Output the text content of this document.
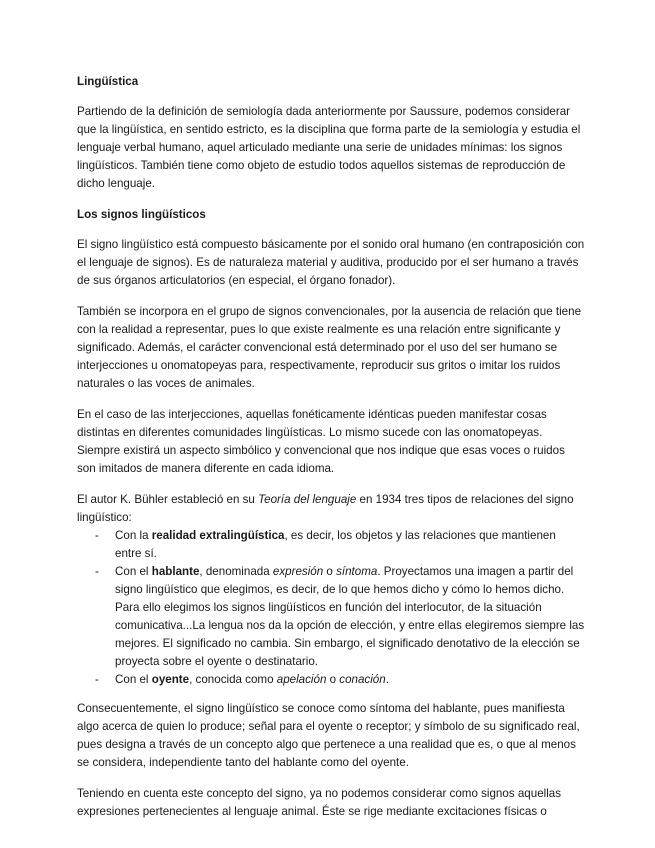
Lingüística

Partiendo de la definición de semiología dada anteriormente por Saussure, podemos considerar que la lingüística, en sentido estricto, es la disciplina que forma parte de la semiología y estudia el lenguaje verbal humano, aquel articulado mediante una serie de unidades mínimas: los signos lingüísticos. También tiene como objeto de estudio todos aquellos sistemas de reproducción de dicho lenguaje.

Los signos lingüísticos

El signo lingüístico está compuesto básicamente por el sonido oral humano (en contraposición con el lenguaje de signos). Es de naturaleza material y auditiva, producido por el ser humano a través de sus órganos articulatorios (en especial, el órgano fonador).

También se incorpora en el grupo de signos convencionales, por la ausencia de relación que tiene con la realidad a representar, pues lo que existe realmente es una relación entre significante y significado. Además, el carácter convencional está determinado por el uso del ser humano se interjecciones u onomatopeyas para, respectivamente, reproducir sus gritos o imitar los ruidos naturales o las voces de animales.

En el caso de las interjecciones, aquellas fonéticamente idénticas pueden manifestar cosas distintas en diferentes comunidades lingüísticas. Lo mismo sucede con las onomatopeyas. Siempre existirá un aspecto simbólico y convencional que nos indique que esas voces o ruidos son imitados de manera diferente en cada idioma.

El autor K. Bühler estableció en su Teoría del lenguaje en 1934 tres tipos de relaciones del signo lingüístico:

- Con la realidad extralingüística, es decir, los objetos y las relaciones que mantienen entre sí.
- Con el hablante, denominada expresión o síntoma. Proyectamos una imagen a partir del signo lingüístico que elegimos, es decir, de lo que hemos dicho y cómo lo hemos dicho. Para ello elegimos los signos lingüísticos en función del interlocutor, de la situación comunicativa...La lengua nos da la opción de elección, y entre ellas elegiremos siempre las mejores. El significado no cambia. Sin embargo, el significado denotativo de la elección se proyecta sobre el oyente o destinatario.
- Con el oyente, conocida como apelación o conación.

Consecuentemente, el signo lingüístico se conoce como síntoma del hablante, pues manifiesta algo acerca de quien lo produce; señal para el oyente o receptor; y símbolo de su significado real, pues designa a través de un concepto algo que pertenece a una realidad que es, o que al menos se considera, independiente tanto del hablante como del oyente.

Teniendo en cuenta este concepto del signo, ya no podemos considerar como signos aquellas expresiones pertenecientes al lenguaje animal. Éste se rige mediante excitaciones físicas o
